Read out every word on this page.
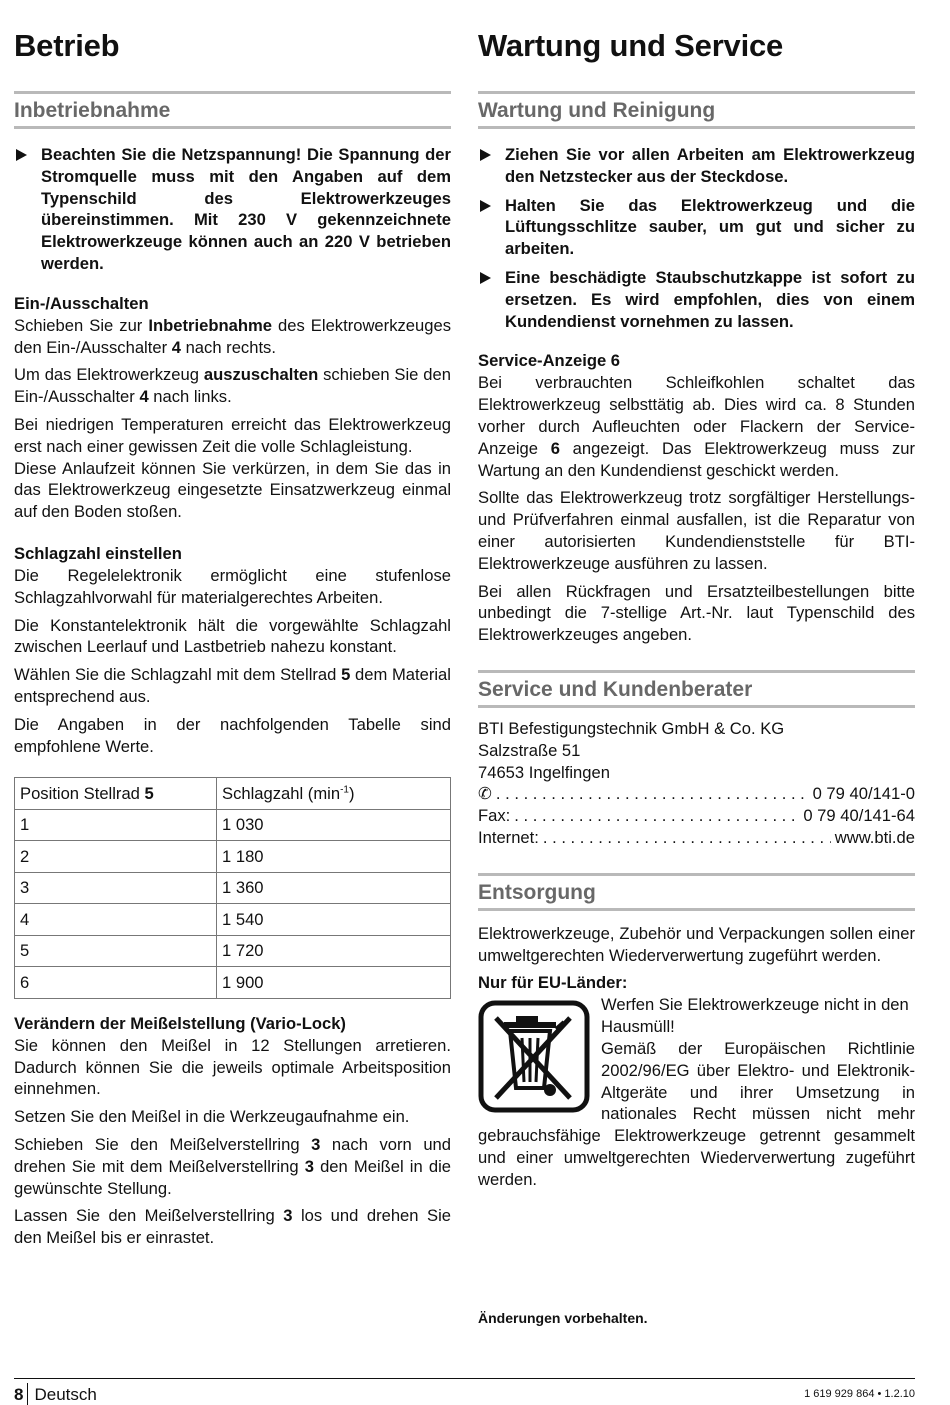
Betrieb
Inbetriebnahme
Beachten Sie die Netzspannung! Die Spannung der Stromquelle muss mit den Angaben auf dem Typenschild des Elektrowerkzeuges übereinstimmen. Mit 230 V gekennzeichnete Elektrowerkzeuge können auch an 220 V betrieben werden.
Ein-/Ausschalten

Schieben Sie zur Inbetriebnahme des Elektrowerkzeuges den Ein-/Ausschalter 4 nach rechts.

Um das Elektrowerkzeug auszuschalten schieben Sie den Ein-/Ausschalter 4 nach links.

Bei niedrigen Temperaturen erreicht das Elektrowerkzeug erst nach einer gewissen Zeit die volle Schlagleistung.

Diese Anlaufzeit können Sie verkürzen, in dem Sie das in das Elektrowerkzeug eingesetzte Einsatzwerkzeug einmal auf den Boden stoßen.

Schlagzahl einstellen

Die Regelelektronik ermöglicht eine stufenlose Schlagzahlvorwahl für materialgerechtes Arbeiten.

Die Konstantelektronik hält die vorgewählte Schlagzahl zwischen Leerlauf und Lastbetrieb nahezu konstant.

Wählen Sie die Schlagzahl mit dem Stellrad 5 dem Material entsprechend aus.

Die Angaben in der nachfolgenden Tabelle sind empfohlene Werte.

Position Stellrad 5	Schlagzahl $(\min^{-1})$
1	1 030
2	1 180
3	1 360
4	1 540
5	1 720
6	1 900
Verändern der Meißelstellung (Vario-Lock)

Sie können den Meißel in 12 Stellungen arretieren. Dadurch können Sie die jeweils optimale Arbeitsposition einnehmen.

Setzen Sie den Meißel in die Werkzeugaufnahme ein.

Schieben Sie den Meißelverstellring 3 nach vorn und drehen Sie mit dem Meißelverstellring 3 den Meißel in die gewünschte Stellung.

Lassen Sie den Meißelverstellring 3 los und drehen Sie den Meißel bis er einrastet.

Wartung und Service
Wartung und Reinigung
Ziehen Sie vor allen Arbeiten am Elektrowerkzeug den Netzstecker aus der Steckdose.
Halten Sie das Elektrowerkzeug und die Lüftungsschlitze sauber, um gut und sicher zu arbeiten.
Eine beschädigte Staubschutzkappe ist sofort zu ersetzen. Es wird empfohlen, dies von einem Kundendienst vornehmen zu lassen.
Service-Anzeige 6

Bei verbrauchten Schleifkohlen schaltet das Elektrowerkzeug selbsttätig ab. Dies wird ca. 8 Stunden vorher durch Aufleuchten oder Flackern der Service-Anzeige 6 angezeigt. Das Elektrowerkzeug muss zur Wartung an den Kundendienst geschickt werden.

Sollte das Elektrowerkzeug trotz sorgfältiger Herstellungs- und Prüfverfahren einmal ausfallen, ist die Reparatur von einer autorisierten Kundendienststelle für BTI-Elektrowerkzeuge ausführen zu lassen.

Bei allen Rückfragen und Ersatzteilbestellungen bitte unbedingt die 7-stellige Art.-Nr. laut Typenschild des Elektrowerkzeuges angeben.

Service und Kundenberater

BTI Befestigungstechnik GmbH & Co. KG

Salzstraße 51

74653 Ingelfingen

✆ . . .	0 79 40/141-0
Fax: . . .	0 79 40/141-64
Internet: . . .	www.bti.de
Entsorgung

Elektrowerkzeuge, Zubehör und Verpackungen sollen einer umweltgerechten Wiederverwertung zugeführt werden.

Nur für EU-Länder:

Werfen Sie Elektrowerkzeuge nicht in den Hausmüll!

Gemäß der Europäischen Richtlinie 2002/96/EG über Elektro- und Elektronik-Altgeräte und ihrer Umsetzung in nationales Recht müssen nicht mehr gebrauchsfähige Elektrowerkzeuge getrennt gesammelt und einer umweltgerechten Wiederverwertung zugeführt werden.

Änderungen vorbehalten.
8 Deutsch	1 619 929 864 • 1.2.10
